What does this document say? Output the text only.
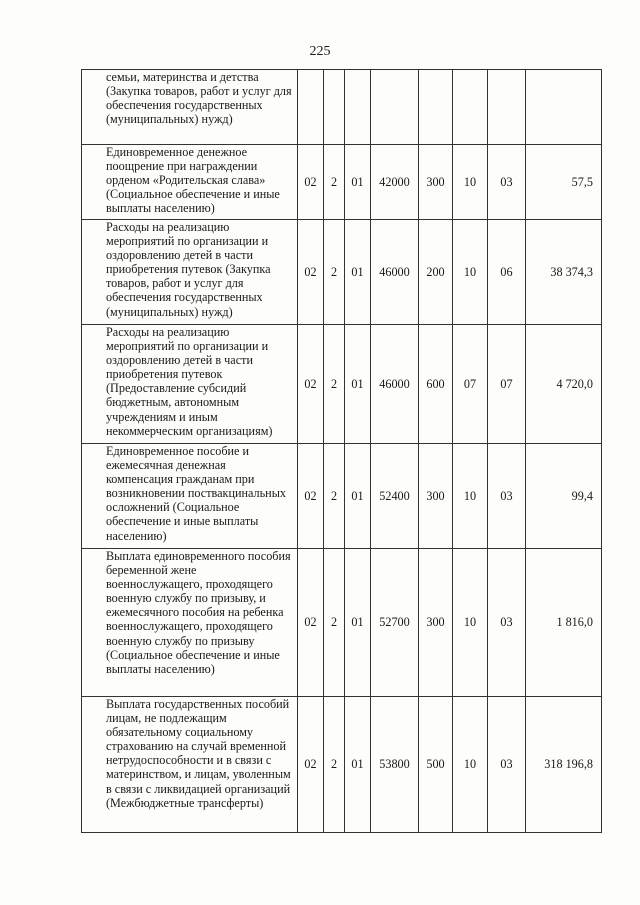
225
семьи, материнства и детства (Закупка товаров, работ и услуг для обеспечения государственных (муниципальных) нужд)								
Единовременное денежное поощрение при награждении орденом «Родительская слава» (Социальное обеспечение и иные выплаты населению)	02	2	01	42000	300	10	03	57,5
Расходы на реализацию мероприятий по организации и оздоровлению детей в части приобретения путевок (Закупка товаров, работ и услуг для обеспечения государственных (муниципальных) нужд)	02	2	01	46000	200	10	06	38 374,3
Расходы на реализацию мероприятий по организации и оздоровлению детей в части приобретения путевок (Предоставление субсидий бюджетным, автономным учреждениям и иным некоммерческим организациям)	02	2	01	46000	600	07	07	4 720,0
Единовременное пособие и ежемесячная денежная компенсация гражданам при возникновении поствакцинальных осложнений (Социальное обеспечение и иные выплаты населению)	02	2	01	52400	300	10	03	99,4
Выплата единовременного пособия беременной жене военнослужащего, проходящего военную службу по призыву, и ежемесячного пособия на ребенка военнослужащего, проходящего военную службу по призыву (Социальное обеспечение и иные выплаты населению)	02	2	01	52700	300	10	03	1 816,0
Выплата государственных пособий лицам, не подлежащим обязательному социальному страхованию на случай временной нетрудоспособности и в связи с материнством, и лицам, уволенным в связи с ликвидацией организаций (Межбюджетные трансферты)	02	2	01	53800	500	10	03	318 196,8
